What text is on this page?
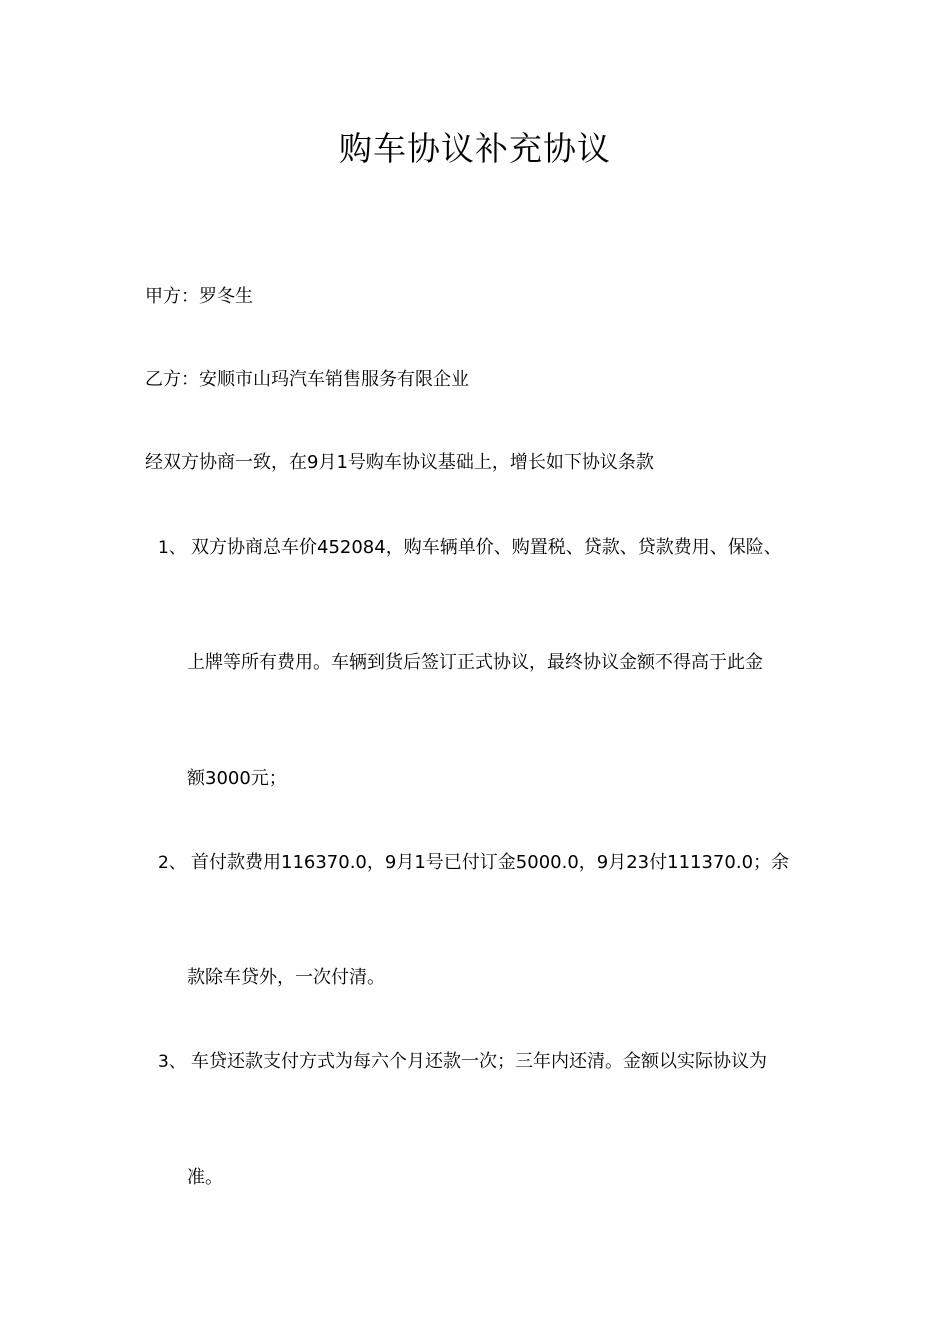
购车协议补充协议
甲方：罗冬生
乙方：安顺市山玛汽车销售服务有限企业
经双方协商一致，在9月1号购车协议基础上，增长如下协议条款
1、 双方协商总车价452084，购车辆单价、购置税、贷款、贷款费用、保险、
上牌等所有费用。车辆到货后签订正式协议，最终协议金额不得高于此金
额3000元；
2、 首付款费用116370.0，9月1号已付订金5000.0，9月23付111370.0；余
款除车贷外，一次付清。
3、 车贷还款支付方式为每六个月还款一次；三年内还清。金额以实际协议为
准。
